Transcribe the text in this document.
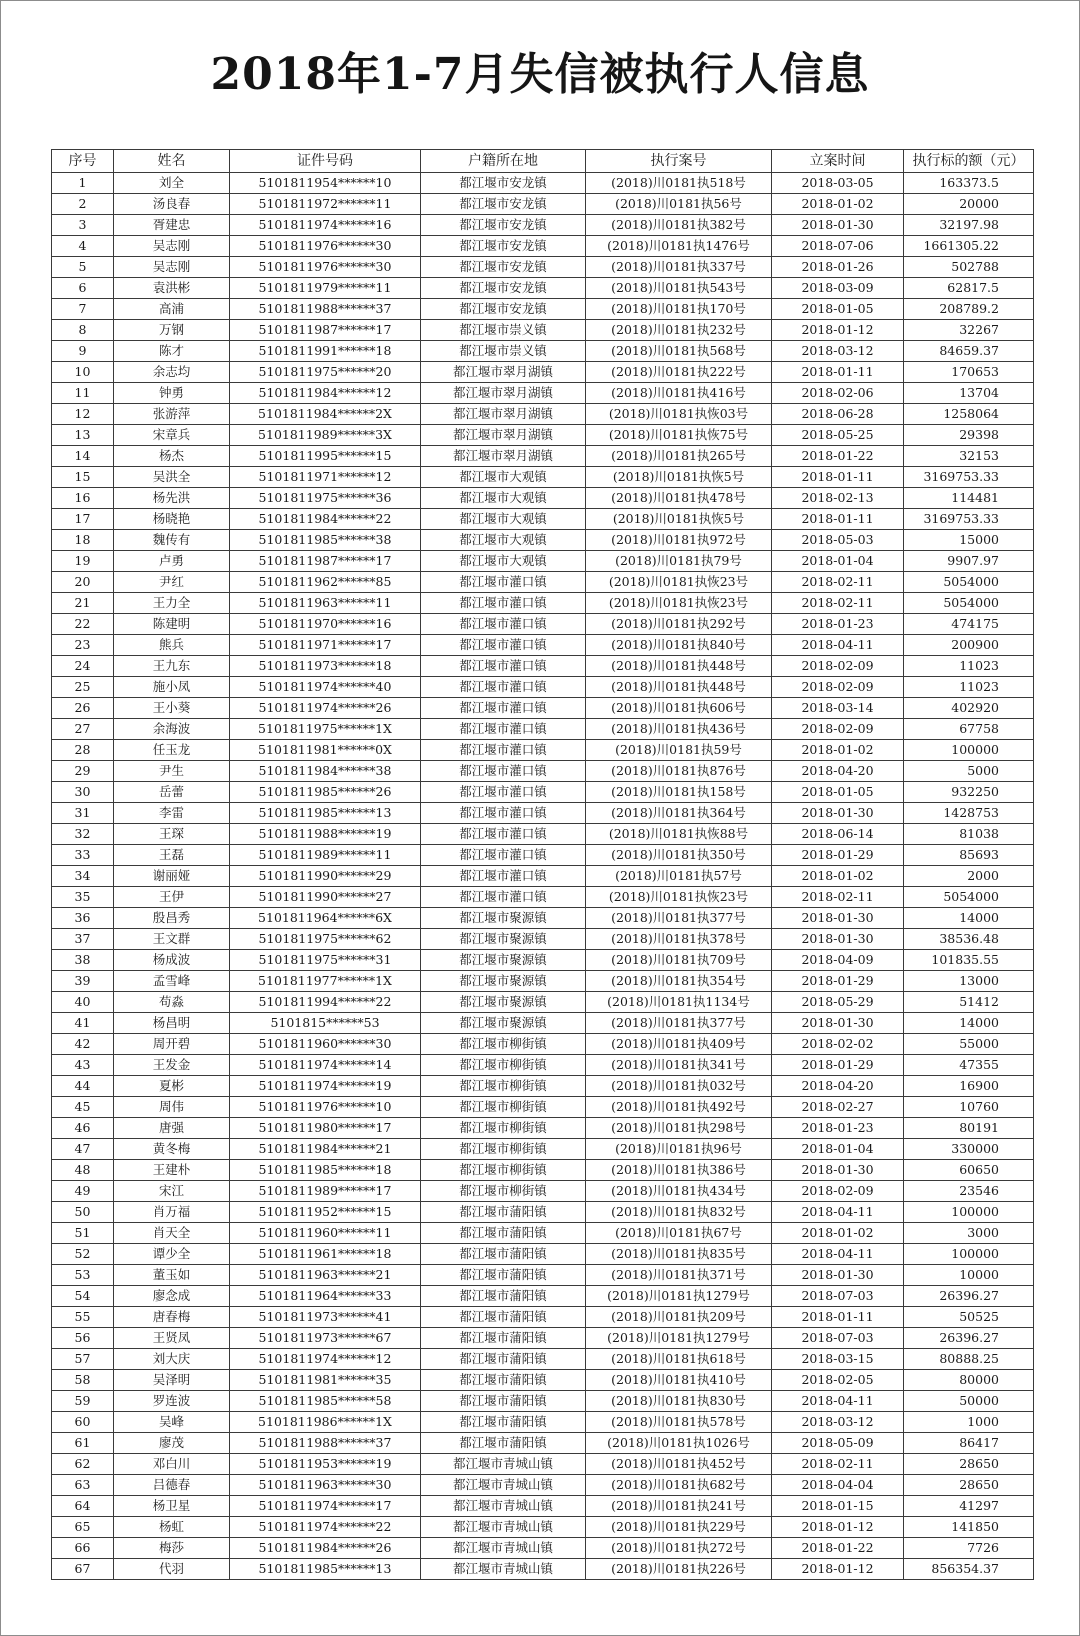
2018年1-7月失信被执行人信息
序号	姓名	证件号码	户籍所在地	执行案号	立案时间	执行标的额（元）
1	刘全	5101811954******10	都江堰市安龙镇	(2018)川0181执518号	2018-03-05	163373.5
2	汤良春	5101811972******11	都江堰市安龙镇	(2018)川0181执56号	2018-01-02	20000
3	胥建忠	5101811974******16	都江堰市安龙镇	(2018)川0181执382号	2018-01-30	32197.98
4	吴志刚	5101811976******30	都江堰市安龙镇	(2018)川0181执1476号	2018-07-06	1661305.22
5	吴志刚	5101811976******30	都江堰市安龙镇	(2018)川0181执337号	2018-01-26	502788
6	袁洪彬	5101811979******11	都江堰市安龙镇	(2018)川0181执543号	2018-03-09	62817.5
7	高浦	5101811988******37	都江堰市安龙镇	(2018)川0181执170号	2018-01-05	208789.2
8	万钢	5101811987******17	都江堰市崇义镇	(2018)川0181执232号	2018-01-12	32267
9	陈才	5101811991******18	都江堰市崇义镇	(2018)川0181执568号	2018-03-12	84659.37
10	余志均	5101811975******20	都江堰市翠月湖镇	(2018)川0181执222号	2018-01-11	170653
11	钟勇	5101811984******12	都江堰市翠月湖镇	(2018)川0181执416号	2018-02-06	13704
12	张游萍	5101811984******2X	都江堰市翠月湖镇	(2018)川0181执恢03号	2018-06-28	1258064
13	宋章兵	5101811989******3X	都江堰市翠月湖镇	(2018)川0181执恢75号	2018-05-25	29398
14	杨杰	5101811995******15	都江堰市翠月湖镇	(2018)川0181执265号	2018-01-22	32153
15	吴洪全	5101811971******12	都江堰市大观镇	(2018)川0181执恢5号	2018-01-11	3169753.33
16	杨先洪	5101811975******36	都江堰市大观镇	(2018)川0181执478号	2018-02-13	114481
17	杨晓艳	5101811984******22	都江堰市大观镇	(2018)川0181执恢5号	2018-01-11	3169753.33
18	魏传有	5101811985******38	都江堰市大观镇	(2018)川0181执972号	2018-05-03	15000
19	卢勇	5101811987******17	都江堰市大观镇	(2018)川0181执79号	2018-01-04	9907.97
20	尹红	5101811962******85	都江堰市灌口镇	(2018)川0181执恢23号	2018-02-11	5054000
21	王力全	5101811963******11	都江堰市灌口镇	(2018)川0181执恢23号	2018-02-11	5054000
22	陈建明	5101811970******16	都江堰市灌口镇	(2018)川0181执292号	2018-01-23	474175
23	熊兵	5101811971******17	都江堰市灌口镇	(2018)川0181执840号	2018-04-11	200900
24	王九东	5101811973******18	都江堰市灌口镇	(2018)川0181执448号	2018-02-09	11023
25	施小凤	5101811974******40	都江堰市灌口镇	(2018)川0181执448号	2018-02-09	11023
26	王小葵	5101811974******26	都江堰市灌口镇	(2018)川0181执606号	2018-03-14	402920
27	余海波	5101811975******1X	都江堰市灌口镇	(2018)川0181执436号	2018-02-09	67758
28	任玉龙	5101811981******0X	都江堰市灌口镇	(2018)川0181执59号	2018-01-02	100000
29	尹生	5101811984******38	都江堰市灌口镇	(2018)川0181执876号	2018-04-20	5000
30	岳蕾	5101811985******26	都江堰市灌口镇	(2018)川0181执158号	2018-01-05	932250
31	李雷	5101811985******13	都江堰市灌口镇	(2018)川0181执364号	2018-01-30	1428753
32	王琛	5101811988******19	都江堰市灌口镇	(2018)川0181执恢88号	2018-06-14	81038
33	王磊	5101811989******11	都江堰市灌口镇	(2018)川0181执350号	2018-01-29	85693
34	谢丽娅	5101811990******29	都江堰市灌口镇	(2018)川0181执57号	2018-01-02	2000
35	王伊	5101811990******27	都江堰市灌口镇	(2018)川0181执恢23号	2018-02-11	5054000
36	殷昌秀	5101811964******6X	都江堰市聚源镇	(2018)川0181执377号	2018-01-30	14000
37	王文群	5101811975******62	都江堰市聚源镇	(2018)川0181执378号	2018-01-30	38536.48
38	杨成波	5101811975******31	都江堰市聚源镇	(2018)川0181执709号	2018-04-09	101835.55
39	孟雪峰	5101811977******1X	都江堰市聚源镇	(2018)川0181执354号	2018-01-29	13000
40	苟淼	5101811994******22	都江堰市聚源镇	(2018)川0181执1134号	2018-05-29	51412
41	杨昌明	5101815******53	都江堰市聚源镇	(2018)川0181执377号	2018-01-30	14000
42	周开碧	5101811960******30	都江堰市柳街镇	(2018)川0181执409号	2018-02-02	55000
43	王发金	5101811974******14	都江堰市柳街镇	(2018)川0181执341号	2018-01-29	47355
44	夏彬	5101811974******19	都江堰市柳街镇	(2018)川0181执032号	2018-04-20	16900
45	周伟	5101811976******10	都江堰市柳街镇	(2018)川0181执492号	2018-02-27	10760
46	唐强	5101811980******17	都江堰市柳街镇	(2018)川0181执298号	2018-01-23	80191
47	黄冬梅	5101811984******21	都江堰市柳街镇	(2018)川0181执96号	2018-01-04	330000
48	王建朴	5101811985******18	都江堰市柳街镇	(2018)川0181执386号	2018-01-30	60650
49	宋江	5101811989******17	都江堰市柳街镇	(2018)川0181执434号	2018-02-09	23546
50	肖万福	5101811952******15	都江堰市蒲阳镇	(2018)川0181执832号	2018-04-11	100000
51	肖天全	5101811960******11	都江堰市蒲阳镇	(2018)川0181执67号	2018-01-02	3000
52	谭少全	5101811961******18	都江堰市蒲阳镇	(2018)川0181执835号	2018-04-11	100000
53	董玉如	5101811963******21	都江堰市蒲阳镇	(2018)川0181执371号	2018-01-30	10000
54	廖念成	5101811964******33	都江堰市蒲阳镇	(2018)川0181执1279号	2018-07-03	26396.27
55	唐春梅	5101811973******41	都江堰市蒲阳镇	(2018)川0181执209号	2018-01-11	50525
56	王贤凤	5101811973******67	都江堰市蒲阳镇	(2018)川0181执1279号	2018-07-03	26396.27
57	刘大庆	5101811974******12	都江堰市蒲阳镇	(2018)川0181执618号	2018-03-15	80888.25
58	吴泽明	5101811981******35	都江堰市蒲阳镇	(2018)川0181执410号	2018-02-05	80000
59	罗连波	5101811985******58	都江堰市蒲阳镇	(2018)川0181执830号	2018-04-11	50000
60	吴峰	5101811986******1X	都江堰市蒲阳镇	(2018)川0181执578号	2018-03-12	1000
61	廖茂	5101811988******37	都江堰市蒲阳镇	(2018)川0181执1026号	2018-05-09	86417
62	邓白川	5101811953******19	都江堰市青城山镇	(2018)川0181执452号	2018-02-11	28650
63	吕德春	5101811963******30	都江堰市青城山镇	(2018)川0181执682号	2018-04-04	28650
64	杨卫星	5101811974******17	都江堰市青城山镇	(2018)川0181执241号	2018-01-15	41297
65	杨虹	5101811974******22	都江堰市青城山镇	(2018)川0181执229号	2018-01-12	141850
66	梅莎	5101811984******26	都江堰市青城山镇	(2018)川0181执272号	2018-01-22	7726
67	代羽	5101811985******13	都江堰市青城山镇	(2018)川0181执226号	2018-01-12	856354.37
